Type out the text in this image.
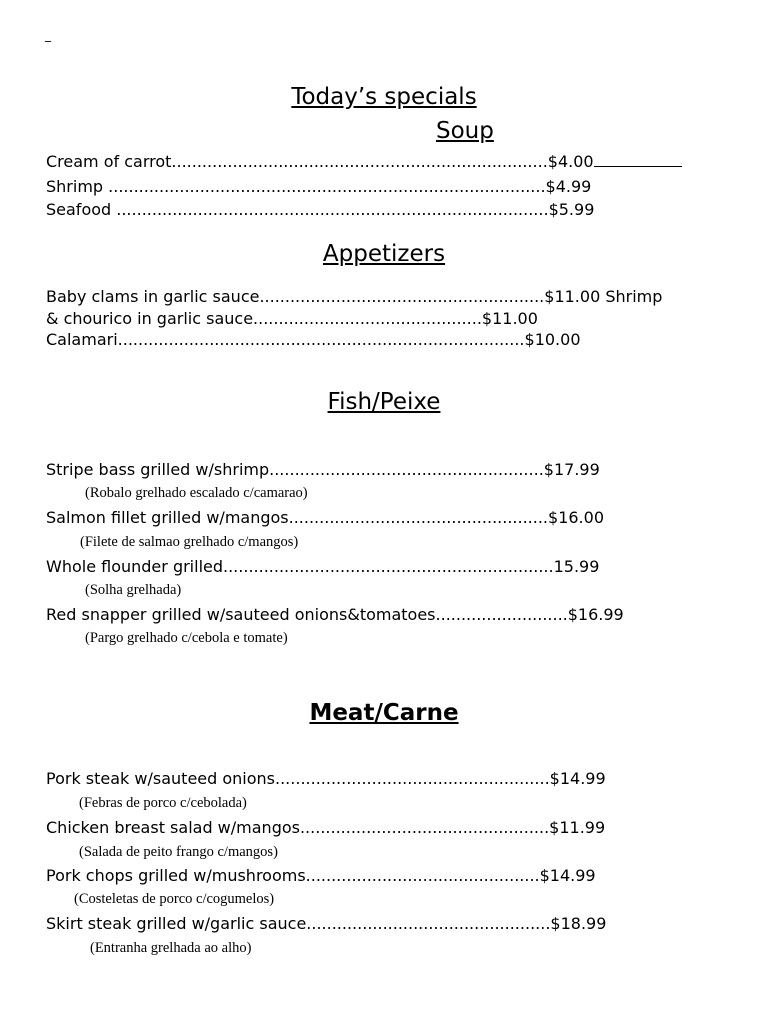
_
Today’s specials
Soup
Cream of carrot..........................................................................$4.00
Shrimp ......................................................................................$4.99
Seafood .....................................................................................$5.99
Appetizers
Baby clams in garlic sauce........................................................$11.00 Shrimp
& chourico in garlic sauce.............................................$11.00
Calamari................................................................................$10.00
Fish/Peixe
Stripe bass grilled w/shrimp......................................................$17.99
(Robalo grelhado escalado c/camarao)
Salmon fillet grilled w/mangos...................................................$16.00
(Filete de salmao grelhado c/mangos)
Whole flounder grilled.................................................................15.99
(Solha grelhada)
Red snapper grilled w/sauteed onions&tomatoes..........................$16.99
(Pargo grelhado c/cebola e tomate)
Meat/Carne
Pork steak w/sauteed onions......................................................$14.99
(Febras de porco c/cebolada)
Chicken breast salad w/mangos.................................................$11.99
(Salada de peito frango c/mangos)
Pork chops grilled w/mushrooms..............................................$14.99
(Costeletas de porco c/cogumelos)
Skirt steak grilled w/garlic sauce................................................$18.99
(Entranha grelhada ao alho)
